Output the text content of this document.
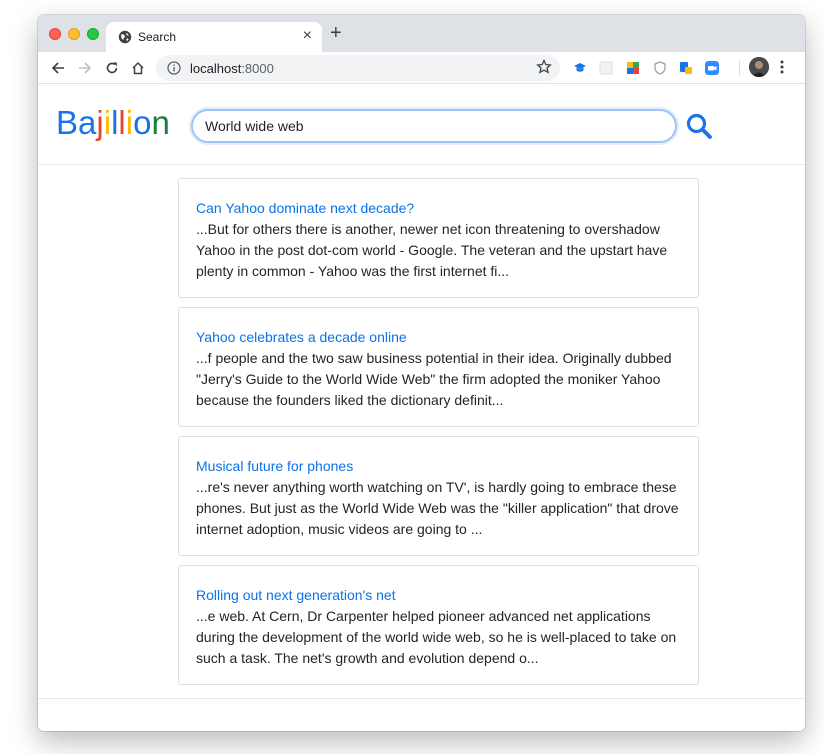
Search	× +
localhost:8000
Bajillion
World wide web
Can Yahoo dominate next decade?
...But for others there is another, newer net icon threatening to overshadow Yahoo in the post dot-com world - Google. The veteran and the upstart have plenty in common - Yahoo was the first internet fi...
Yahoo celebrates a decade online
...f people and the two saw business potential in their idea. Originally dubbed "Jerry's Guide to the World Wide Web" the firm adopted the moniker Yahoo because the founders liked the dictionary definit...
Musical future for phones
...re's never anything worth watching on TV', is hardly going to embrace these phones. But just as the World Wide Web was the "killer application" that drove internet adoption, music videos are going to ...
Rolling out next generation's net
...e web. At Cern, Dr Carpenter helped pioneer advanced net applications during the development of the world wide web, so he is well-placed to take on such a task. The net's growth and evolution depend o...
